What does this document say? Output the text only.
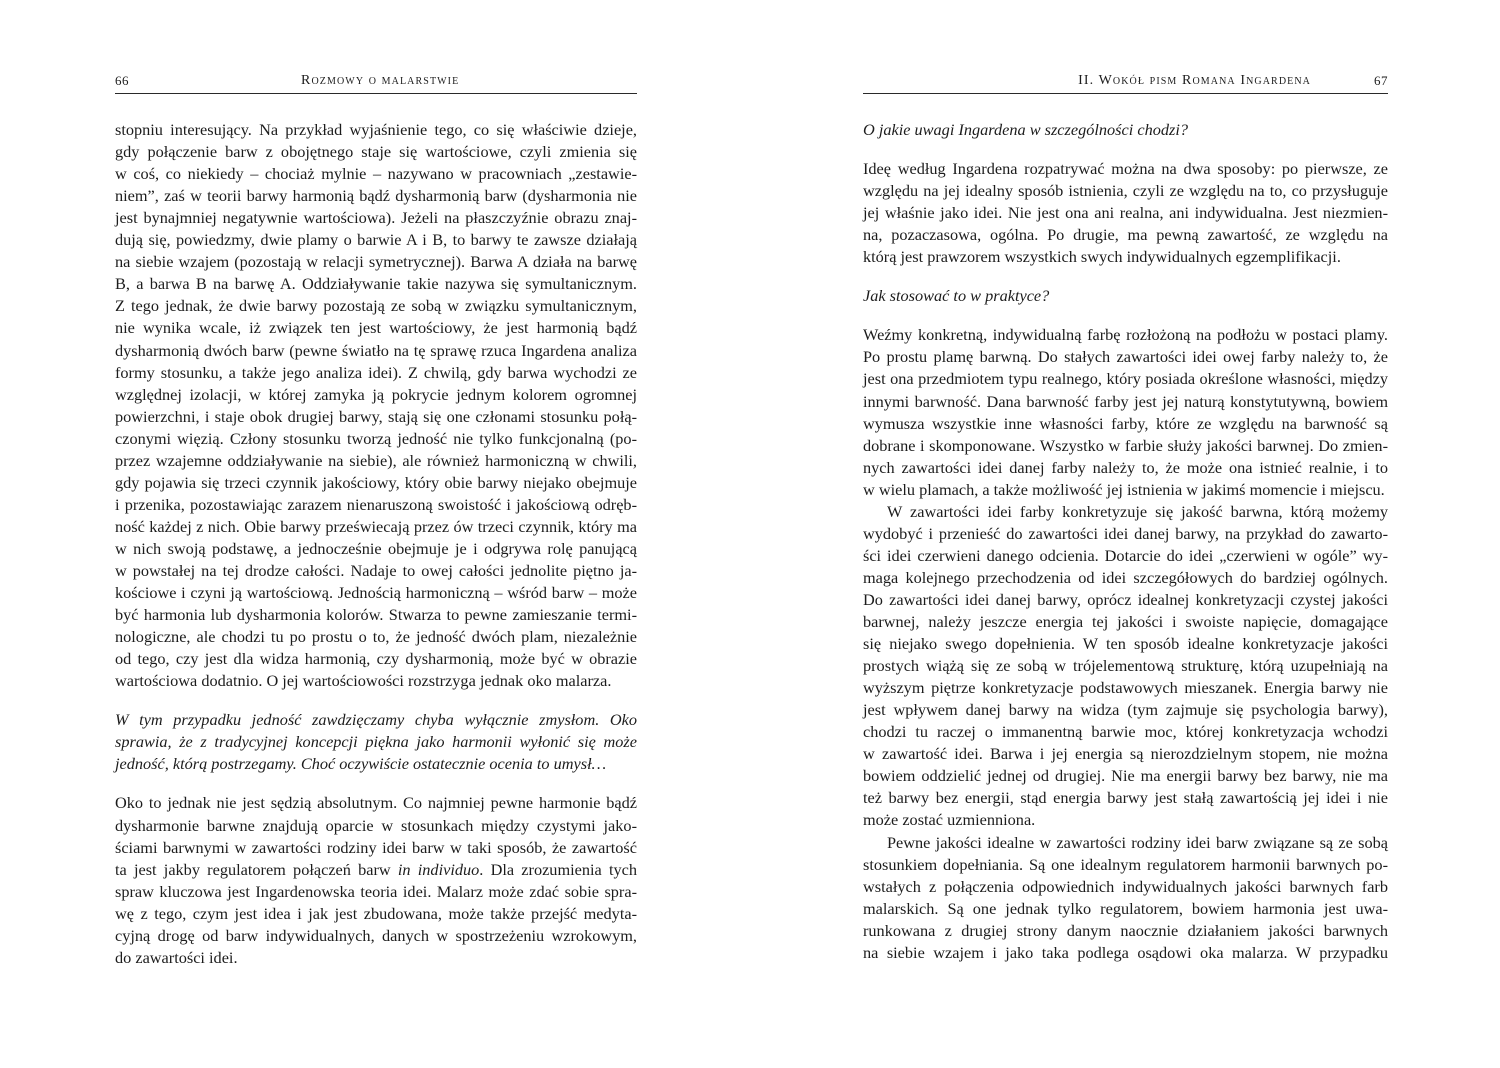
66	Rozmowy o malarstwie
stopniu interesujący. Na przykład wyjaśnienie tego, co się właściwie dzieje,
gdy połączenie barw z obojętnego staje się wartościowe, czyli zmienia się
w coś, co niekiedy – chociaż mylnie – nazywano w pracowniach „zestawie-
niem”, zaś w teorii barwy harmonią bądź dysharmonią barw (dysharmonia nie
jest bynajmniej negatywnie wartościowa). Jeżeli na płaszczyźnie obrazu znaj-
dują się, powiedzmy, dwie plamy o barwie A i B, to barwy te zawsze działają
na siebie wzajem (pozostają w relacji symetrycznej). Barwa A działa na barwę
B, a barwa B na barwę A. Oddziaływanie takie nazywa się symultanicznym.
Z tego jednak, że dwie barwy pozostają ze sobą w związku symultanicznym,
nie wynika wcale, iż związek ten jest wartościowy, że jest harmonią bądź
dysharmonią dwóch barw (pewne światło na tę sprawę rzuca Ingardena analiza
formy stosunku, a także jego analiza idei). Z chwilą, gdy barwa wychodzi ze
względnej izolacji, w której zamyka ją pokrycie jednym kolorem ogromnej
powierzchni, i staje obok drugiej barwy, stają się one członami stosunku połą-
czonymi więzią. Człony stosunku tworzą jedność nie tylko funkcjonalną (po-
przez wzajemne oddziaływanie na siebie), ale również harmoniczną w chwili,
gdy pojawia się trzeci czynnik jakościowy, który obie barwy niejako obejmuje
i przenika, pozostawiając zarazem nienaruszoną swoistość i jakościową odręb-
ność każdej z nich. Obie barwy przeświecają przez ów trzeci czynnik, który ma
w nich swoją podstawę, a jednocześnie obejmuje je i odgrywa rolę panującą
w powstałej na tej drodze całości. Nadaje to owej całości jednolite piętno ja-
kościowe i czyni ją wartościową. Jednością harmoniczną – wśród barw – może
być harmonia lub dysharmonia kolorów. Stwarza to pewne zamieszanie termi-
nologiczne, ale chodzi tu po prostu o to, że jedność dwóch plam, niezależnie
od tego, czy jest dla widza harmonią, czy dysharmonią, może być w obrazie
wartościowa dodatnio. O jej wartościowości rozstrzyga jednak oko malarza.
W tym przypadku jedność zawdzięczamy chyba wyłącznie zmysłom. Oko
sprawia, że z tradycyjnej koncepcji piękna jako harmonii wyłonić się może
jedność, którą postrzegamy. Choć oczywiście ostatecznie ocenia to umysł…
Oko to jednak nie jest sędzią absolutnym. Co najmniej pewne harmonie bądź
dysharmonie barwne znajdują oparcie w stosunkach między czystymi jako-
ściami barwnymi w zawartości rodziny idei barw w taki sposób, że zawartość
ta jest jakby regulatorem połączeń barw in individuo. Dla zrozumienia tych
spraw kluczowa jest Ingardenowska teoria idei. Malarz może zdać sobie spra-
wę z tego, czym jest idea i jak jest zbudowana, może także przejść medyta-
cyjną drogę od barw indywidualnych, danych w spostrzeżeniu wzrokowym,
do zawartości idei.
II. Wokół pism Romana Ingardena	67
O jakie uwagi Ingardena w szczególności chodzi?
Ideę według Ingardena rozpatrywać można na dwa sposoby: po pierwsze, ze
względu na jej idealny sposób istnienia, czyli ze względu na to, co przysługuje
jej właśnie jako idei. Nie jest ona ani realna, ani indywidualna. Jest niezmien-
na, pozaczasowa, ogólna. Po drugie, ma pewną zawartość, ze względu na
którą jest prawzorem wszystkich swych indywidualnych egzemplifikacji.
Jak stosować to w praktyce?
Weźmy konkretną, indywidualną farbę rozłożoną na podłożu w postaci plamy.
Po prostu plamę barwną. Do stałych zawartości idei owej farby należy to, że
jest ona przedmiotem typu realnego, który posiada określone własności, między
innymi barwność. Dana barwność farby jest jej naturą konstytutywną, bowiem
wymusza wszystkie inne własności farby, które ze względu na barwność są
dobrane i skomponowane. Wszystko w farbie służy jakości barwnej. Do zmien-
nych zawartości idei danej farby należy to, że może ona istnieć realnie, i to
w wielu plamach, a także możliwość jej istnienia w jakimś momencie i miejscu.
W zawartości idei farby konkretyzuje się jakość barwna, którą możemy
wydobyć i przenieść do zawartości idei danej barwy, na przykład do zawarto-
ści idei czerwieni danego odcienia. Dotarcie do idei „czerwieni w ogóle” wy-
maga kolejnego przechodzenia od idei szczegółowych do bardziej ogólnych.
Do zawartości idei danej barwy, oprócz idealnej konkretyzacji czystej jakości
barwnej, należy jeszcze energia tej jakości i swoiste napięcie, domagające
się niejako swego dopełnienia. W ten sposób idealne konkretyzacje jakości
prostych wiążą się ze sobą w trójelementową strukturę, którą uzupełniają na
wyższym piętrze konkretyzacje podstawowych mieszanek. Energia barwy nie
jest wpływem danej barwy na widza (tym zajmuje się psychologia barwy),
chodzi tu raczej o immanentną barwie moc, której konkretyzacja wchodzi
w zawartość idei. Barwa i jej energia są nierozdzielnym stopem, nie można
bowiem oddzielić jednej od drugiej. Nie ma energii barwy bez barwy, nie ma
też barwy bez energii, stąd energia barwy jest stałą zawartością jej idei i nie
może zostać uzmienniona.
Pewne jakości idealne w zawartości rodziny idei barw związane są ze sobą
stosunkiem dopełniania. Są one idealnym regulatorem harmonii barwnych po-
wstałych z połączenia odpowiednich indywidualnych jakości barwnych farb
malarskich. Są one jednak tylko regulatorem, bowiem harmonia jest uwa-
runkowana z drugiej strony danym naocznie działaniem jakości barwnych
na siebie wzajem i jako taka podlega osądowi oka malarza. W przypadku
